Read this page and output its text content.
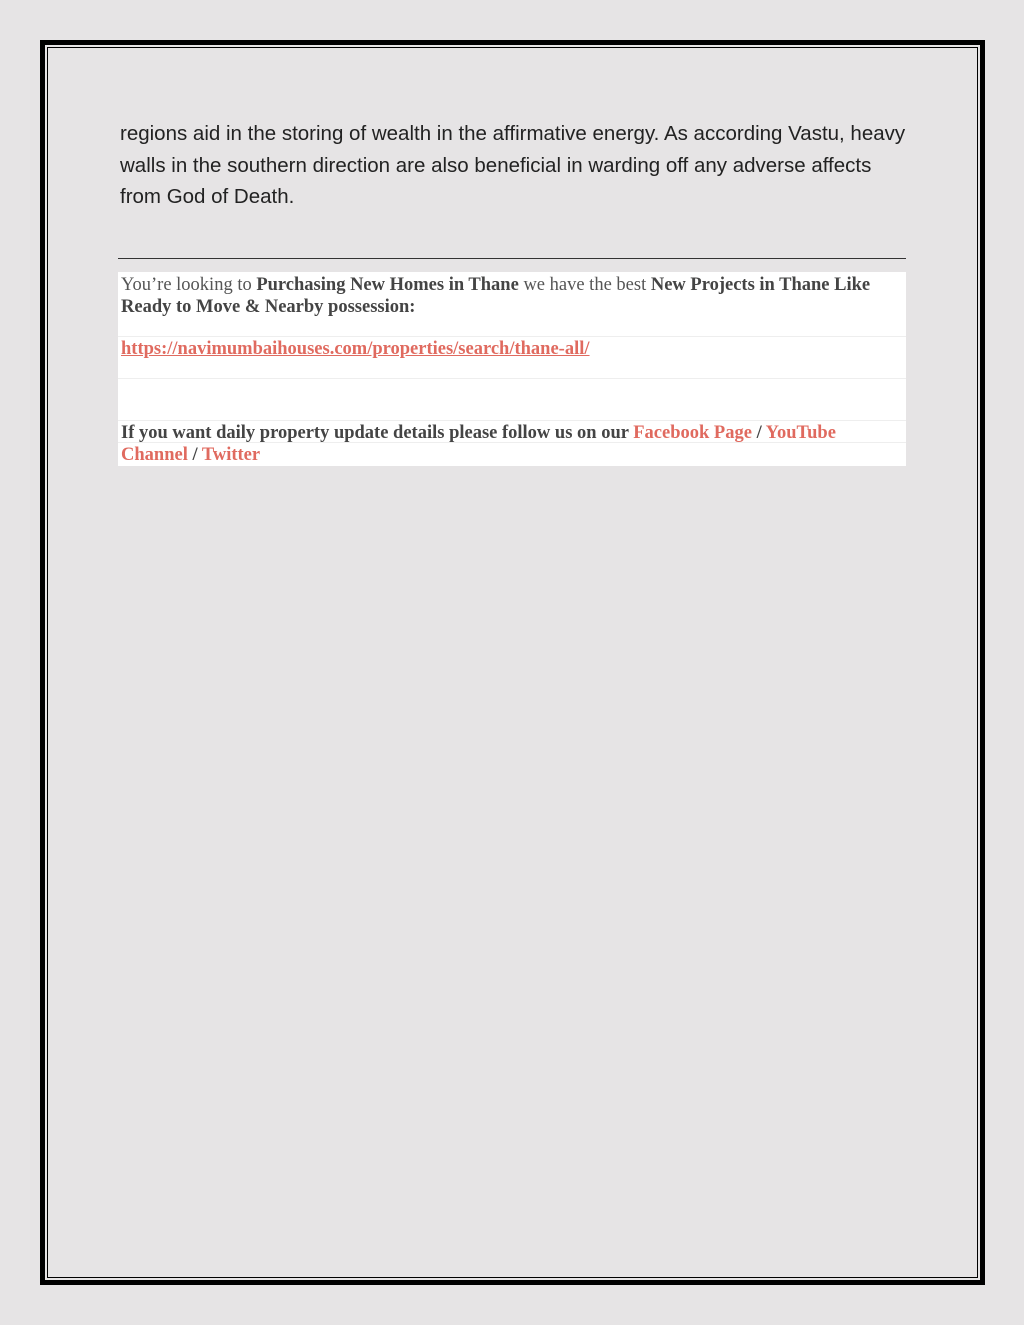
regions aid in the storing of wealth in the affirmative energy. As according Vastu, heavy walls in the southern direction are also beneficial in warding off any adverse affects from God of Death.

You’re looking to Purchasing New Homes in Thane we have the best New Projects in Thane Like Ready to Move & Nearby possession:
https://navimumbaihouses.com/properties/search/thane-all/
If you want daily property update details please follow us on our Facebook Page / YouTube Channel / Twitter
